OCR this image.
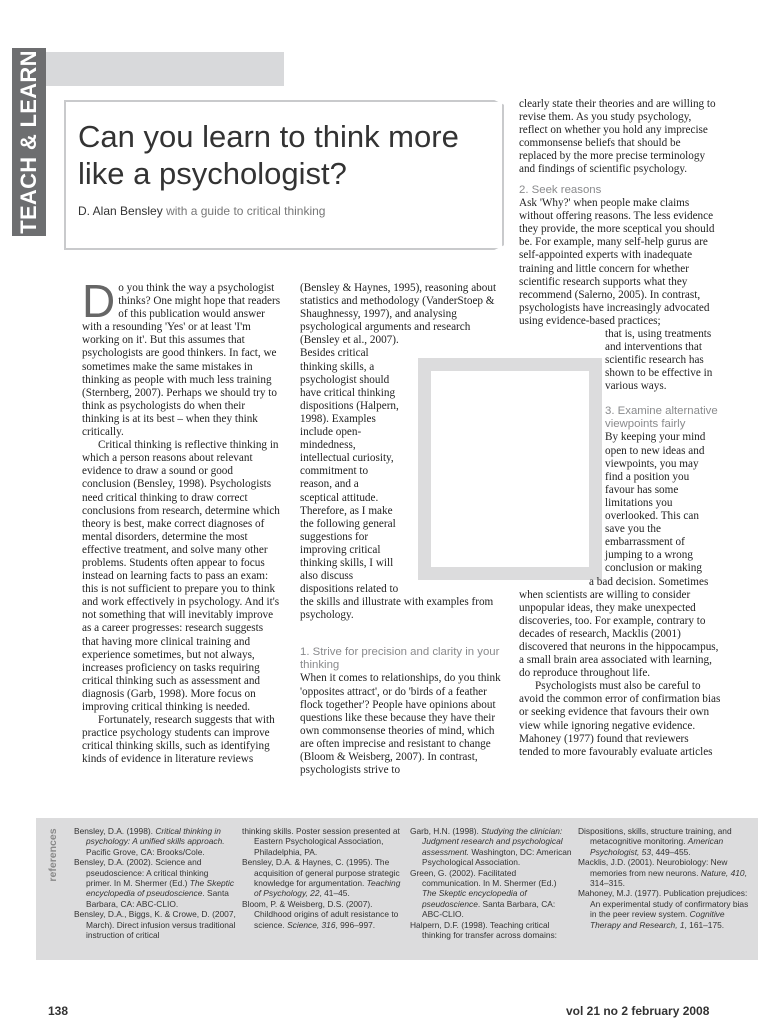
TEACH & LEARN Can you learn to think more like a psychologist?
D. Alan Bensley with a guide to critical thinking

Do you think the way a psychologist thinks? One might hope that readers of this publication would answer with a resounding 'Yes' or at least 'I'm working on it'. But this assumes that psychologists are good thinkers. In fact, we sometimes make the same mistakes in thinking as people with much less training (Sternberg, 2007). Perhaps we should try to think as psychologists do when their thinking is at its best – when they think critically.

Critical thinking is reflective thinking in which a person reasons about relevant evidence to draw a sound or good conclusion (Bensley, 1998). Psychologists need critical thinking to draw correct conclusions from research, determine which theory is best, make correct diagnoses of mental disorders, determine the most effective treatment, and solve many other problems. Students often appear to focus instead on learning facts to pass an exam: this is not sufficient to prepare you to think and work effectively in psychology. And it's not something that will inevitably improve as a career progresses: research suggests that having more clinical training and experience sometimes, but not always, increases proficiency on tasks requiring critical thinking such as assessment and diagnosis (Garb, 1998). More focus on improving critical thinking is needed.

Fortunately, research suggests that with practice psychology students can improve critical thinking skills, such as identifying kinds of evidence in literature reviews

(Bensley & Haynes, 1995), reasoning about statistics and methodology (VanderStoep & Shaughnessy, 1997), and analysing psychological arguments and research (Bensley et al., 2007).

Besides critical
thinking skills, a
psychologist should
have critical thinking
dispositions (Halpern,
1998). Examples
include open-
mindedness,
intellectual curiosity,
commitment to
reason, and a
sceptical attitude.
Therefore, as I make
the following general
suggestions for
improving critical
thinking skills, I will
also discuss
dispositions related to

the skills and illustrate with examples from psychology.

1. Strive for precision and clarity in your thinking

When it comes to relationships, do you think 'opposites attract', or do 'birds of a feather flock together'? People have opinions about questions like these because they have their own commonsense theories of mind, which are often imprecise and resistant to change (Bloom & Weisberg, 2007). In contrast, psychologists strive to

clearly state their theories and are willing to revise them. As you study psychology, reflect on whether you hold any imprecise commonsense beliefs that should be replaced by the more precise terminology and findings of scientific psychology.

2. Seek reasons

Ask 'Why?' when people make claims without offering reasons. The less evidence they provide, the more sceptical you should be. For example, many self-help gurus are self-appointed experts with inadequate training and little concern for whether scientific research supports what they recommend (Salerno, 2005). In contrast, psychologists have increasingly advocated using evidence-based practices;

that is, using treatments
and interventions that
scientific research has
shown to be effective in
various ways.
3. Examine alternative viewpoints fairly
By keeping your mind
open to new ideas and
viewpoints, you may
find a position you
favour has some
limitations you
overlooked. This can
save you the
embarrassment of
jumping to a wrong
conclusion or making
a bad decision. Sometimes

when scientists are willing to consider unpopular ideas, they make unexpected discoveries, too. For example, contrary to decades of research, Macklis (2001) discovered that neurons in the hippocampus, a small brain area associated with learning, do reproduce throughout life.

Psychologists must also be careful to avoid the common error of confirmation bias or seeking evidence that favours their own view while ignoring negative evidence. Mahoney (1977) found that reviewers tended to more favourably evaluate articles

references Bensley, D.A. (1998). Critical thinking in psychology: A unified skills approach. Pacific Grove, CA: Brooks/Cole.

Bensley, D.A. (2002). Science and pseudoscience: A critical thinking primer. In M. Shermer (Ed.) The Skeptic encyclopedia of pseudoscience. Santa Barbara, CA: ABC-CLIO.

Bensley, D.A., Biggs, K. & Crowe, D. (2007, March). Direct infusion versus traditional instruction of critical

thinking skills. Poster session presented at Eastern Psychological Association, Philadelphia, PA.

Bensley, D.A. & Haynes, C. (1995). The acquisition of general purpose strategic knowledge for argumentation. Teaching of Psychology, 22, 41–45.

Bloom, P. & Weisberg, D.S. (2007). Childhood origins of adult resistance to science. Science, 316, 996–997.

Garb, H.N. (1998). Studying the clinician: Judgment research and psychological assessment. Washington, DC: American Psychological Association.

Green, G. (2002). Facilitated communication. In M. Shermer (Ed.) The Skeptic encyclopedia of pseudoscience. Santa Barbara, CA: ABC-CLIO.

Halpern, D.F. (1998). Teaching critical thinking for transfer across domains:

Dispositions, skills, structure training, and metacognitive monitoring. American Psychologist, 53, 449–455.

Macklis, J.D. (2001). Neurobiology: New memories from new neurons. Nature, 410, 314–315.

Mahoney, M.J. (1977). Publication prejudices: An experimental study of confirmatory bias in the peer review system. Cognitive Therapy and Research, 1, 161–175.

138	vol 21 no 2 february 2008
